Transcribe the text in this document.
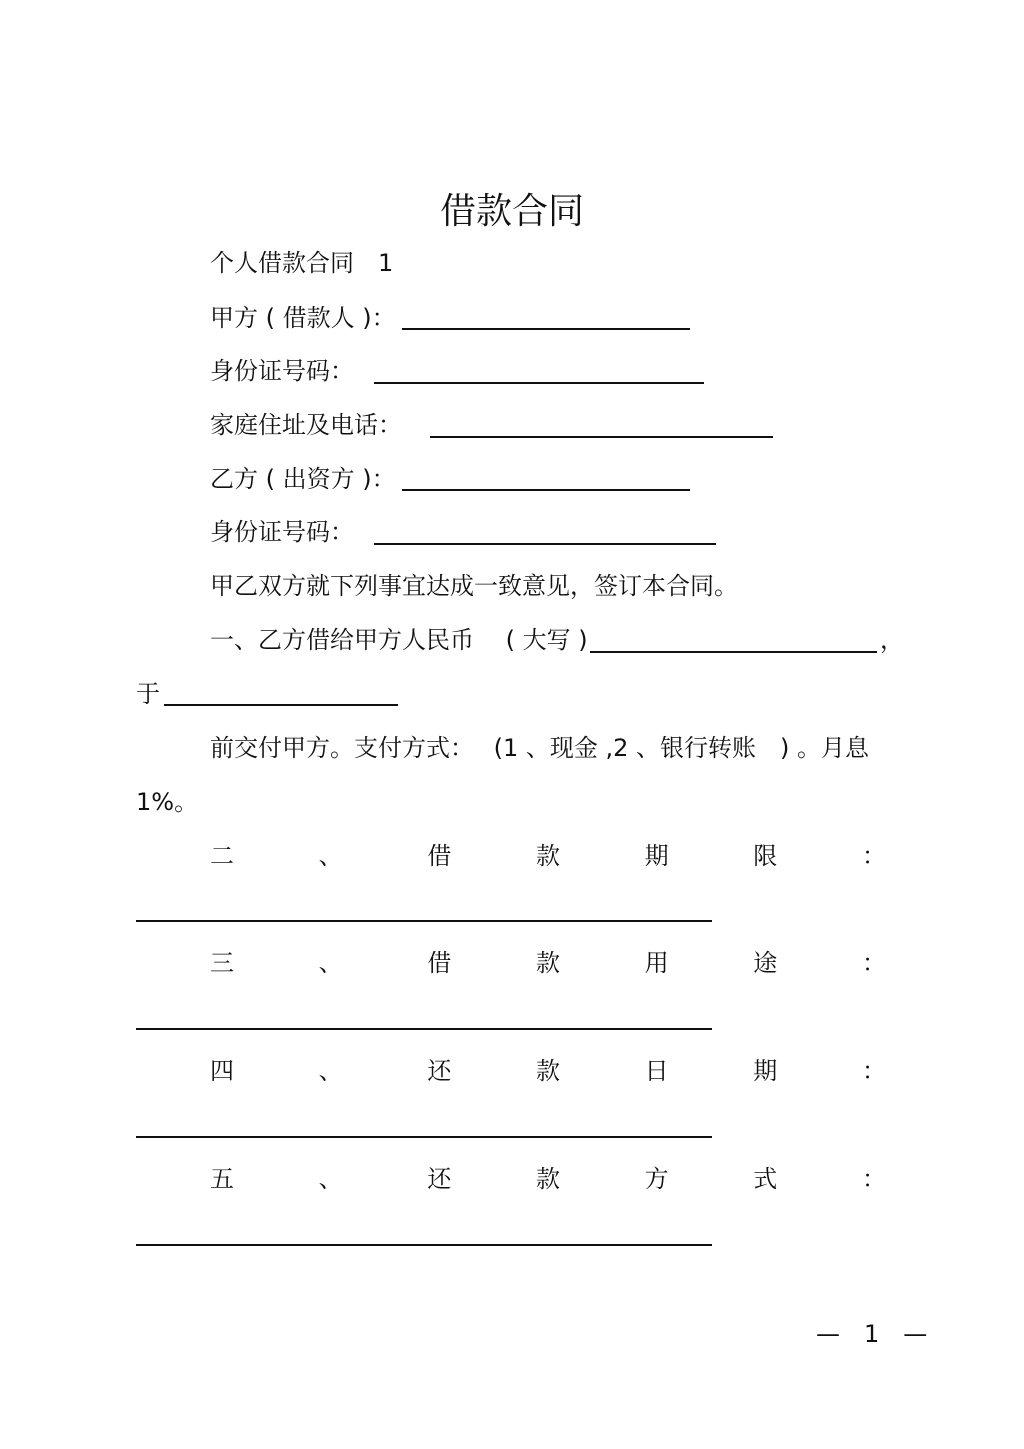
借款合同
个人借款合同　1
甲方 ( 借款人 )：
身份证号码：
家庭住址及电话：
乙方 ( 出资方 )：
身份证号码：
甲乙双方就下列事宜达成一致意见，签订本合同。
一、乙方借给甲方人民币　 ( 大写 )	，
于
前交付甲方。支付方式：　 (1 、现金 ,2 、银行转账　) 。月息
1%。
二	、	借	款	期	限	：
三	、	借	款	用	途	：
四	、	还	款	日	期	：
五	、	还	款	方	式	：
—　1　—
